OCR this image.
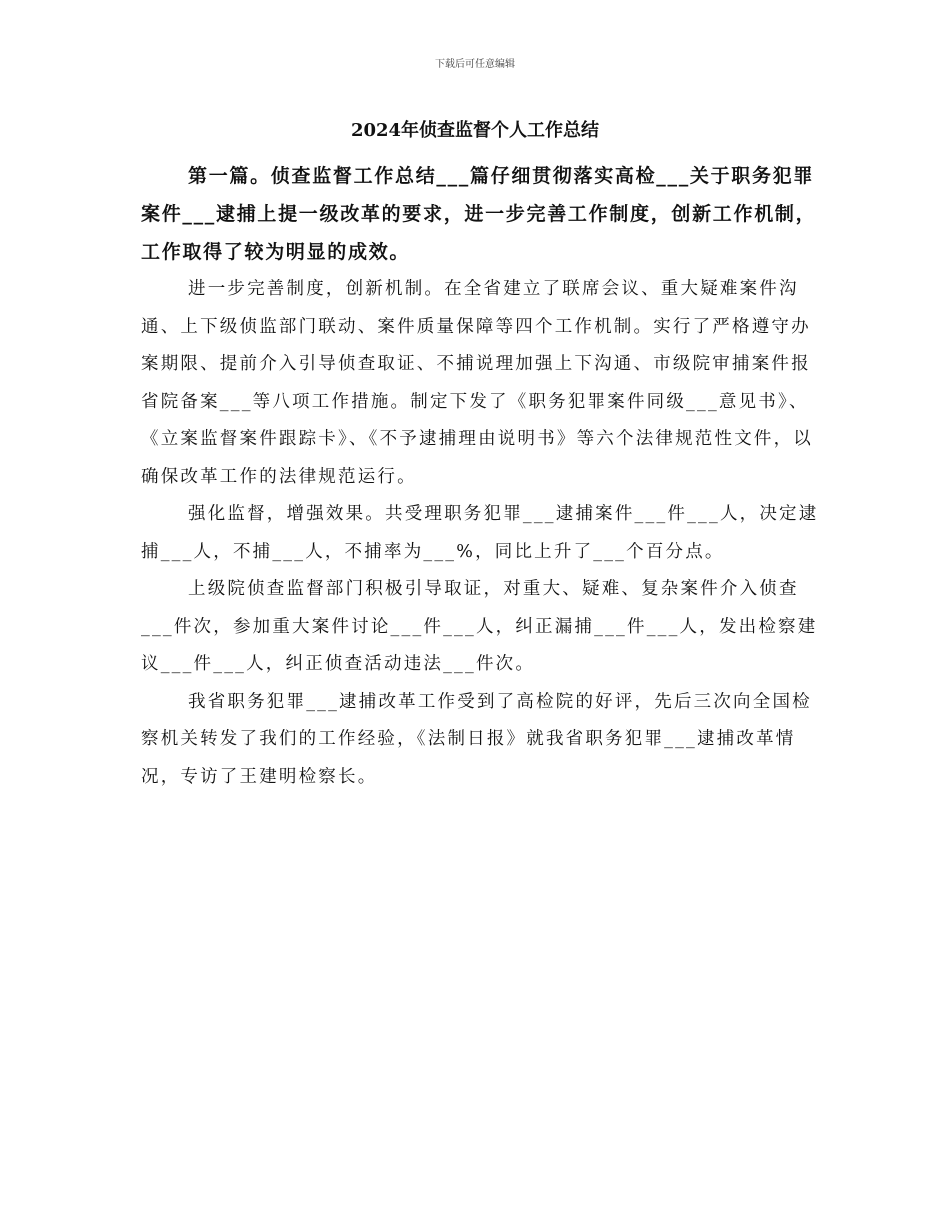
下载后可任意编辑
2024年侦查监督个人工作总结

第一篇。侦查监督工作总结___篇仔细贯彻落实高检___关于职务犯罪案件___逮捕上提一级改革的要求，进一步完善工作制度，创新工作机制，工作取得了较为明显的成效。

进一步完善制度，创新机制。在全省建立了联席会议、重大疑难案件沟通、上下级侦监部门联动、案件质量保障等四个工作机制。实行了严格遵守办案期限、提前介入引导侦查取证、不捕说理加强上下沟通、市级院审捕案件报省院备案___等八项工作措施。制定下发了《职务犯罪案件同级___意见书》、《立案监督案件跟踪卡》、《不予逮捕理由说明书》等六个法律规范性文件，以确保改革工作的法律规范运行。

强化监督，增强效果。共受理职务犯罪___逮捕案件___件___人，决定逮捕___人，不捕___人，不捕率为___%，同比上升了___个百分点。

上级院侦查监督部门积极引导取证，对重大、疑难、复杂案件介入侦查___件次，参加重大案件讨论___件___人，纠正漏捕___件___人，发出检察建议___件___人，纠正侦查活动违法___件次。

我省职务犯罪___逮捕改革工作受到了高检院的好评，先后三次向全国检察机关转发了我们的工作经验，《法制日报》就我省职务犯罪___逮捕改革情况，专访了王建明检察长。
